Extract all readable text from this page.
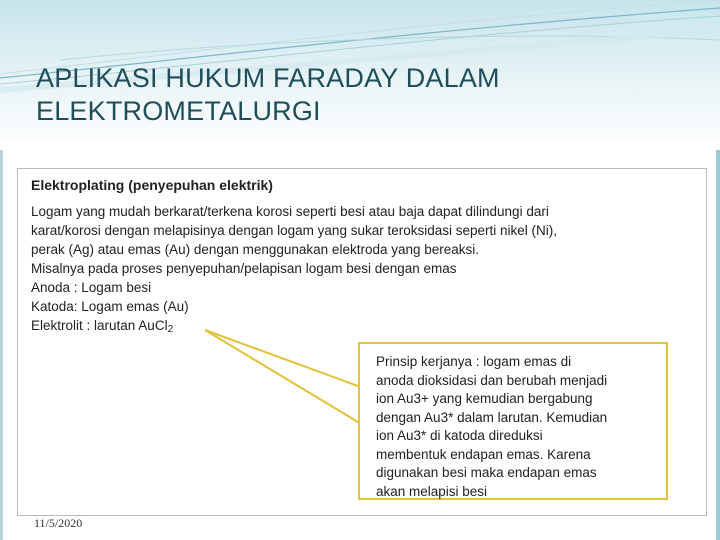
APLIKASI HUKUM FARADAY DALAM
ELEKTROMETALURGI
Elektroplating (penyepuhan elektrik)
Logam yang mudah berkarat/terkena korosi seperti besi atau baja dapat dilindungi dari
karat/korosi dengan melapisinya dengan logam yang sukar teroksidasi seperti nikel (Ni),
perak (Ag) atau emas (Au) dengan menggunakan elektroda yang bereaksi.
Misalnya pada proses penyepuhan/pelapisan logam besi dengan emas
Anoda : Logam besi
Katoda: Logam emas (Au)
Elektrolit : larutan AuCl2
Prinsip kerjanya : logam emas di
anoda dioksidasi dan berubah menjadi
ion Au3+ yang kemudian bergabung
dengan Au3* dalam larutan. Kemudian
ion Au3* di katoda direduksi
membentuk endapan emas. Karena
digunakan besi maka endapan emas
akan melapisi besi
11/5/2020
